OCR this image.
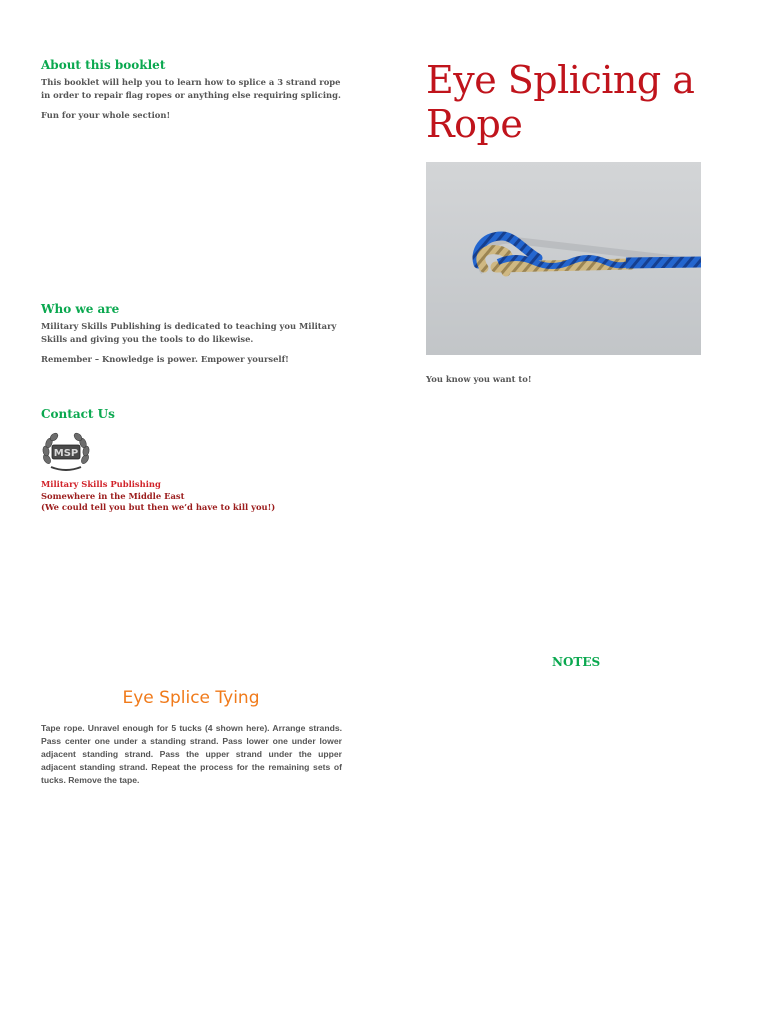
About this booklet

This booklet will help you to learn how to splice a 3 strand rope in order to repair flag ropes or anything else requiring splicing.

Fun for your whole section!

Who we are

Military Skills Publishing is dedicated to teaching you Military Skills and giving you the tools to do likewise.

Remember – Knowledge is power. Empower yourself!

Contact Us
MSP
Military Skills Publishing
Somewhere in the Middle East
(We could tell you but then we’d have to kill you!)
Eye Splicing a Rope
You know you want to!
NOTES
Eye Splice Tying
Tape rope. Unravel enough for 5 tucks (4 shown here). Arrange strands. Pass center one under a standing strand. Pass lower one under lower adjacent standing strand. Pass the upper strand under the upper adjacent standing strand. Repeat the process for the remaining sets of tucks. Remove the tape.
